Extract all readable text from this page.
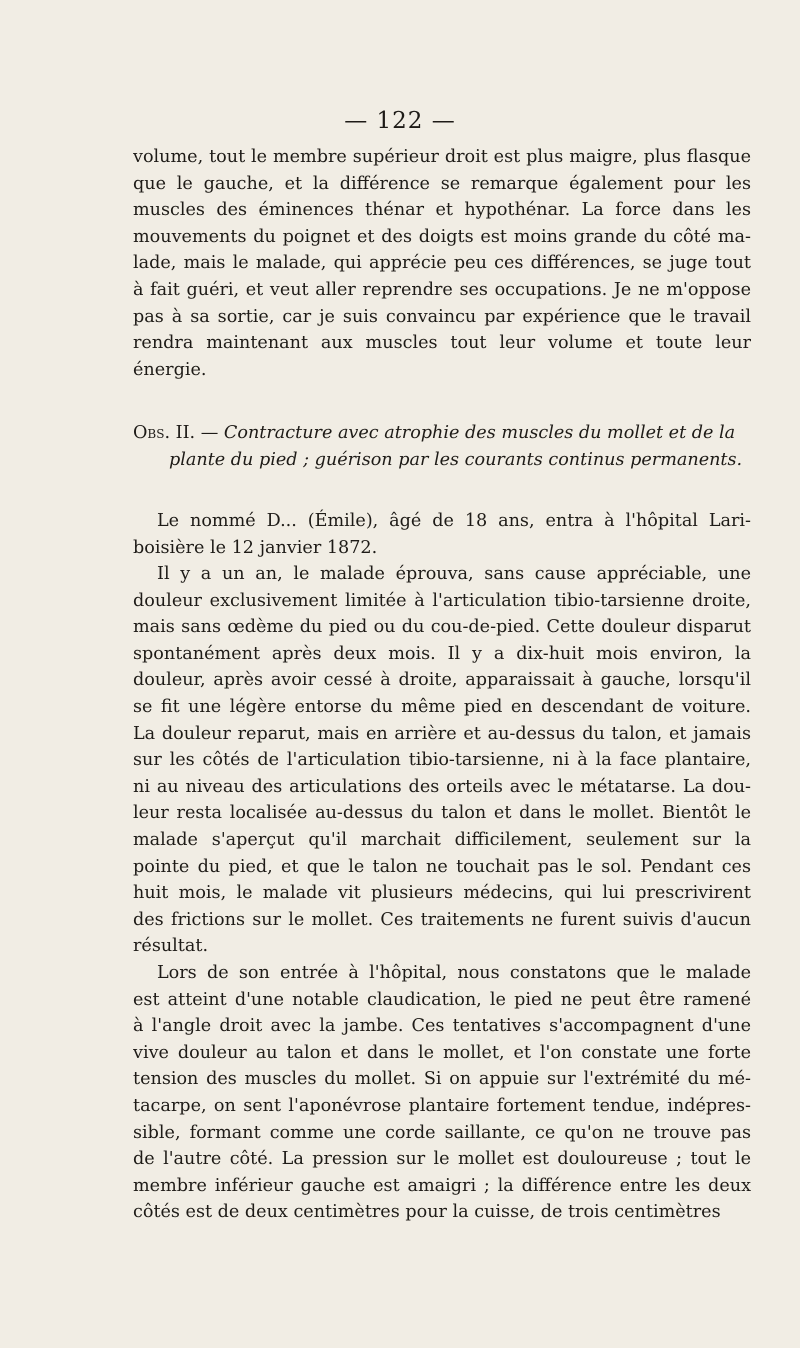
— 122 —
volume, tout le membre supérieur droit est plus maigre, plus flasque
que le gauche, et la différence se remarque également pour les
muscles des éminences thénar et hypothénar. La force dans les
mouvements du poignet et des doigts est moins grande du côté ma-
lade, mais le malade, qui apprécie peu ces différences, se juge tout
à fait guéri, et veut aller reprendre ses occupations. Je ne m'oppose
pas à sa sortie, car je suis convaincu par expérience que le travail
rendra maintenant aux muscles tout leur volume et toute leur
énergie.
Obs. II. — Contracture avec atrophie des muscles du mollet et de la
plante du pied ; guérison par les courants continus permanents.
Le nommé D... (Émile), âgé de 18 ans, entra à l'hôpital Lari-
boisière le 12 janvier 1872.
Il y a un an, le malade éprouva, sans cause appréciable, une
douleur exclusivement limitée à l'articulation tibio-tarsienne droite,
mais sans œdème du pied ou du cou-de-pied. Cette douleur disparut
spontanément après deux mois. Il y a dix-huit mois environ, la
douleur, après avoir cessé à droite, apparaissait à gauche, lorsqu'il
se fit une légère entorse du même pied en descendant de voiture.
La douleur reparut, mais en arrière et au-dessus du talon, et jamais
sur les côtés de l'articulation tibio-tarsienne, ni à la face plantaire,
ni au niveau des articulations des orteils avec le métatarse. La dou-
leur resta localisée au-dessus du talon et dans le mollet. Bientôt le
malade s'aperçut qu'il marchait difficilement, seulement sur la
pointe du pied, et que le talon ne touchait pas le sol. Pendant ces
huit mois, le malade vit plusieurs médecins, qui lui prescrivirent
des frictions sur le mollet. Ces traitements ne furent suivis d'aucun
résultat.
Lors de son entrée à l'hôpital, nous constatons que le malade
est atteint d'une notable claudication, le pied ne peut être ramené
à l'angle droit avec la jambe. Ces tentatives s'accompagnent d'une
vive douleur au talon et dans le mollet, et l'on constate une forte
tension des muscles du mollet. Si on appuie sur l'extrémité du mé-
tacarpe, on sent l'aponévrose plantaire fortement tendue, indépres-
sible, formant comme une corde saillante, ce qu'on ne trouve pas
de l'autre côté. La pression sur le mollet est douloureuse ; tout le
membre inférieur gauche est amaigri ; la différence entre les deux
côtés est de deux centimètres pour la cuisse, de trois centimètres
